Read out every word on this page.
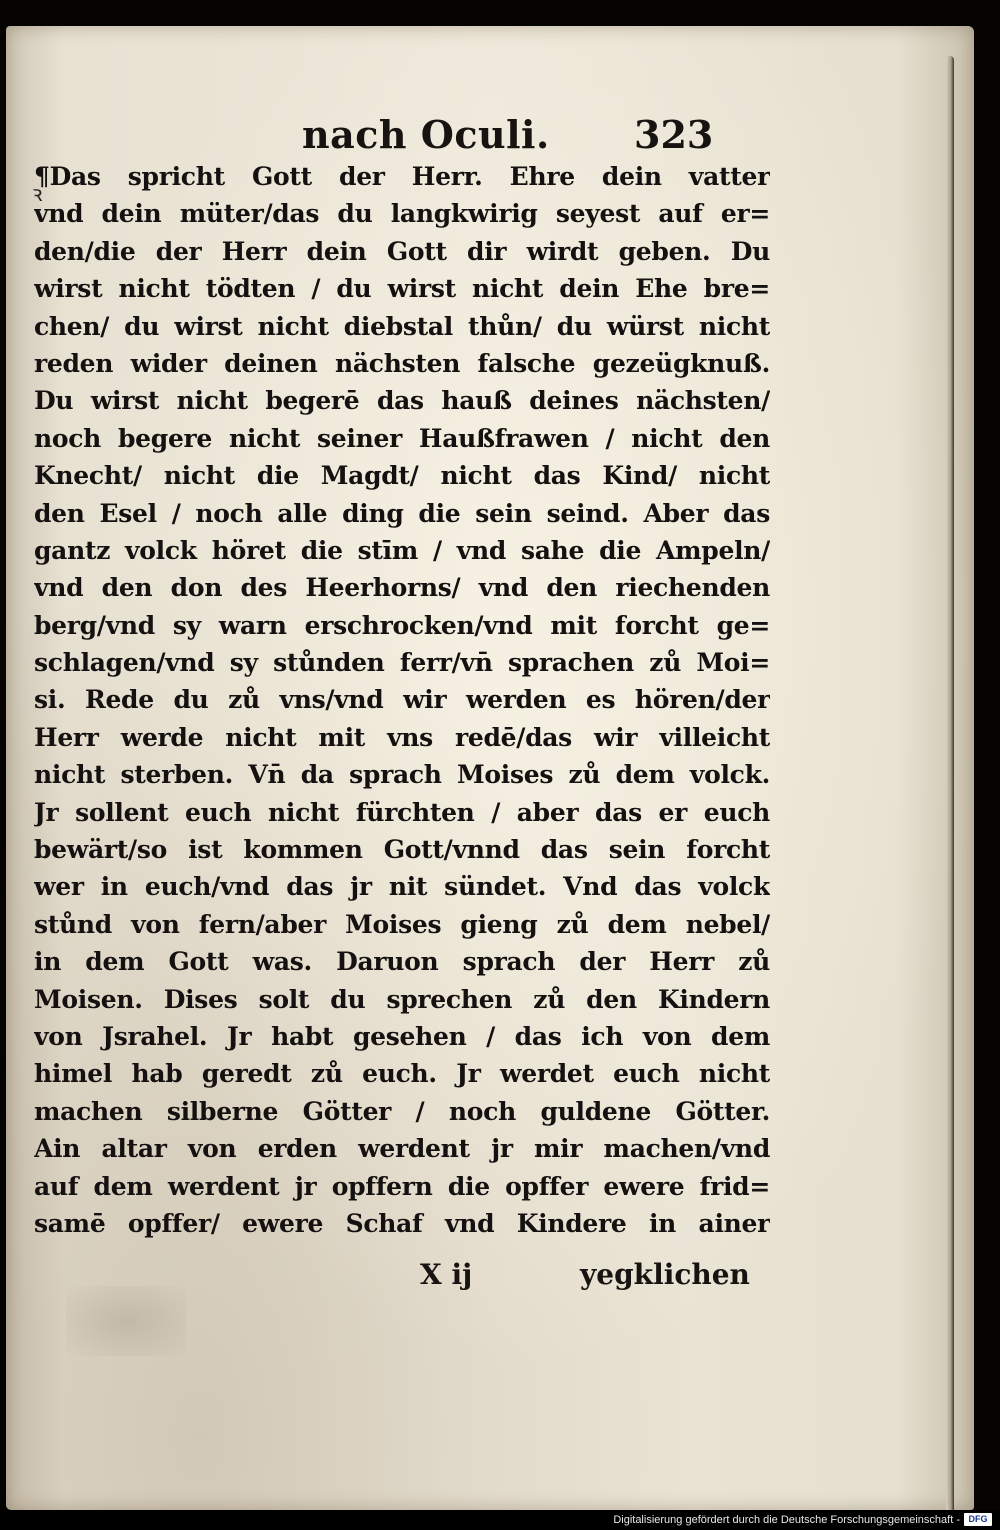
nach Oculi. 323
ꝛ
¶Das spricht Gott der Herr. Ehre dein vatter
vnd dein müter/das du langkwirig seyest auf er=
den/die der Herr dein Gott dir wirdt geben. Du
wirst nicht tödten / du wirst nicht dein Ehe bre=
chen/ du wirst nicht diebstal thůn/ du würst nicht
reden wider deinen nächsten falsche gezeügknuß.
Du wirst nicht begerē das hauß deines nächsten/
noch begere nicht seiner Haußfrawen / nicht den
Knecht/ nicht die Magdt/ nicht das Kind/ nicht
den Esel / noch alle ding die sein seind. Aber das
gantz volck höret die stīm / vnd sahe die Ampeln/
vnd den don des Heerhorns/ vnd den riechenden
berg/vnd sy warn erschrocken/vnd mit forcht ge=
schlagen/vnd sy stůnden ferr/vn̄ sprachen zů Moi=
si. Rede du zů vns/vnd wir werden es hören/der
Herr werde nicht mit vns redē/das wir villeicht
nicht sterben. Vn̄ da sprach Moises zů dem volck.
Jr sollent euch nicht fürchten / aber das er euch
bewärt/so ist kommen Gott/vnnd das sein forcht
wer in euch/vnd das jr nit sündet. Vnd das volck
stůnd von fern/aber Moises gieng zů dem nebel/
in dem Gott was. Daruon sprach der Herr zů
Moisen. Dises solt du sprechen zů den Kindern
von Jsrahel. Jr habt gesehen / das ich von dem
himel hab geredt zů euch. Jr werdet euch nicht
machen silberne Götter / noch guldene Götter.
Ain altar von erden werdent jr mir machen/vnd
auf dem werdent jr opffern die opffer ewere frid=
samē opffer/ ewere Schaf vnd Kindere in ainer
X ij	yegklichen
Digitalisierung gefördert durch die Deutsche Forschungsgemeinschaft - DFG
